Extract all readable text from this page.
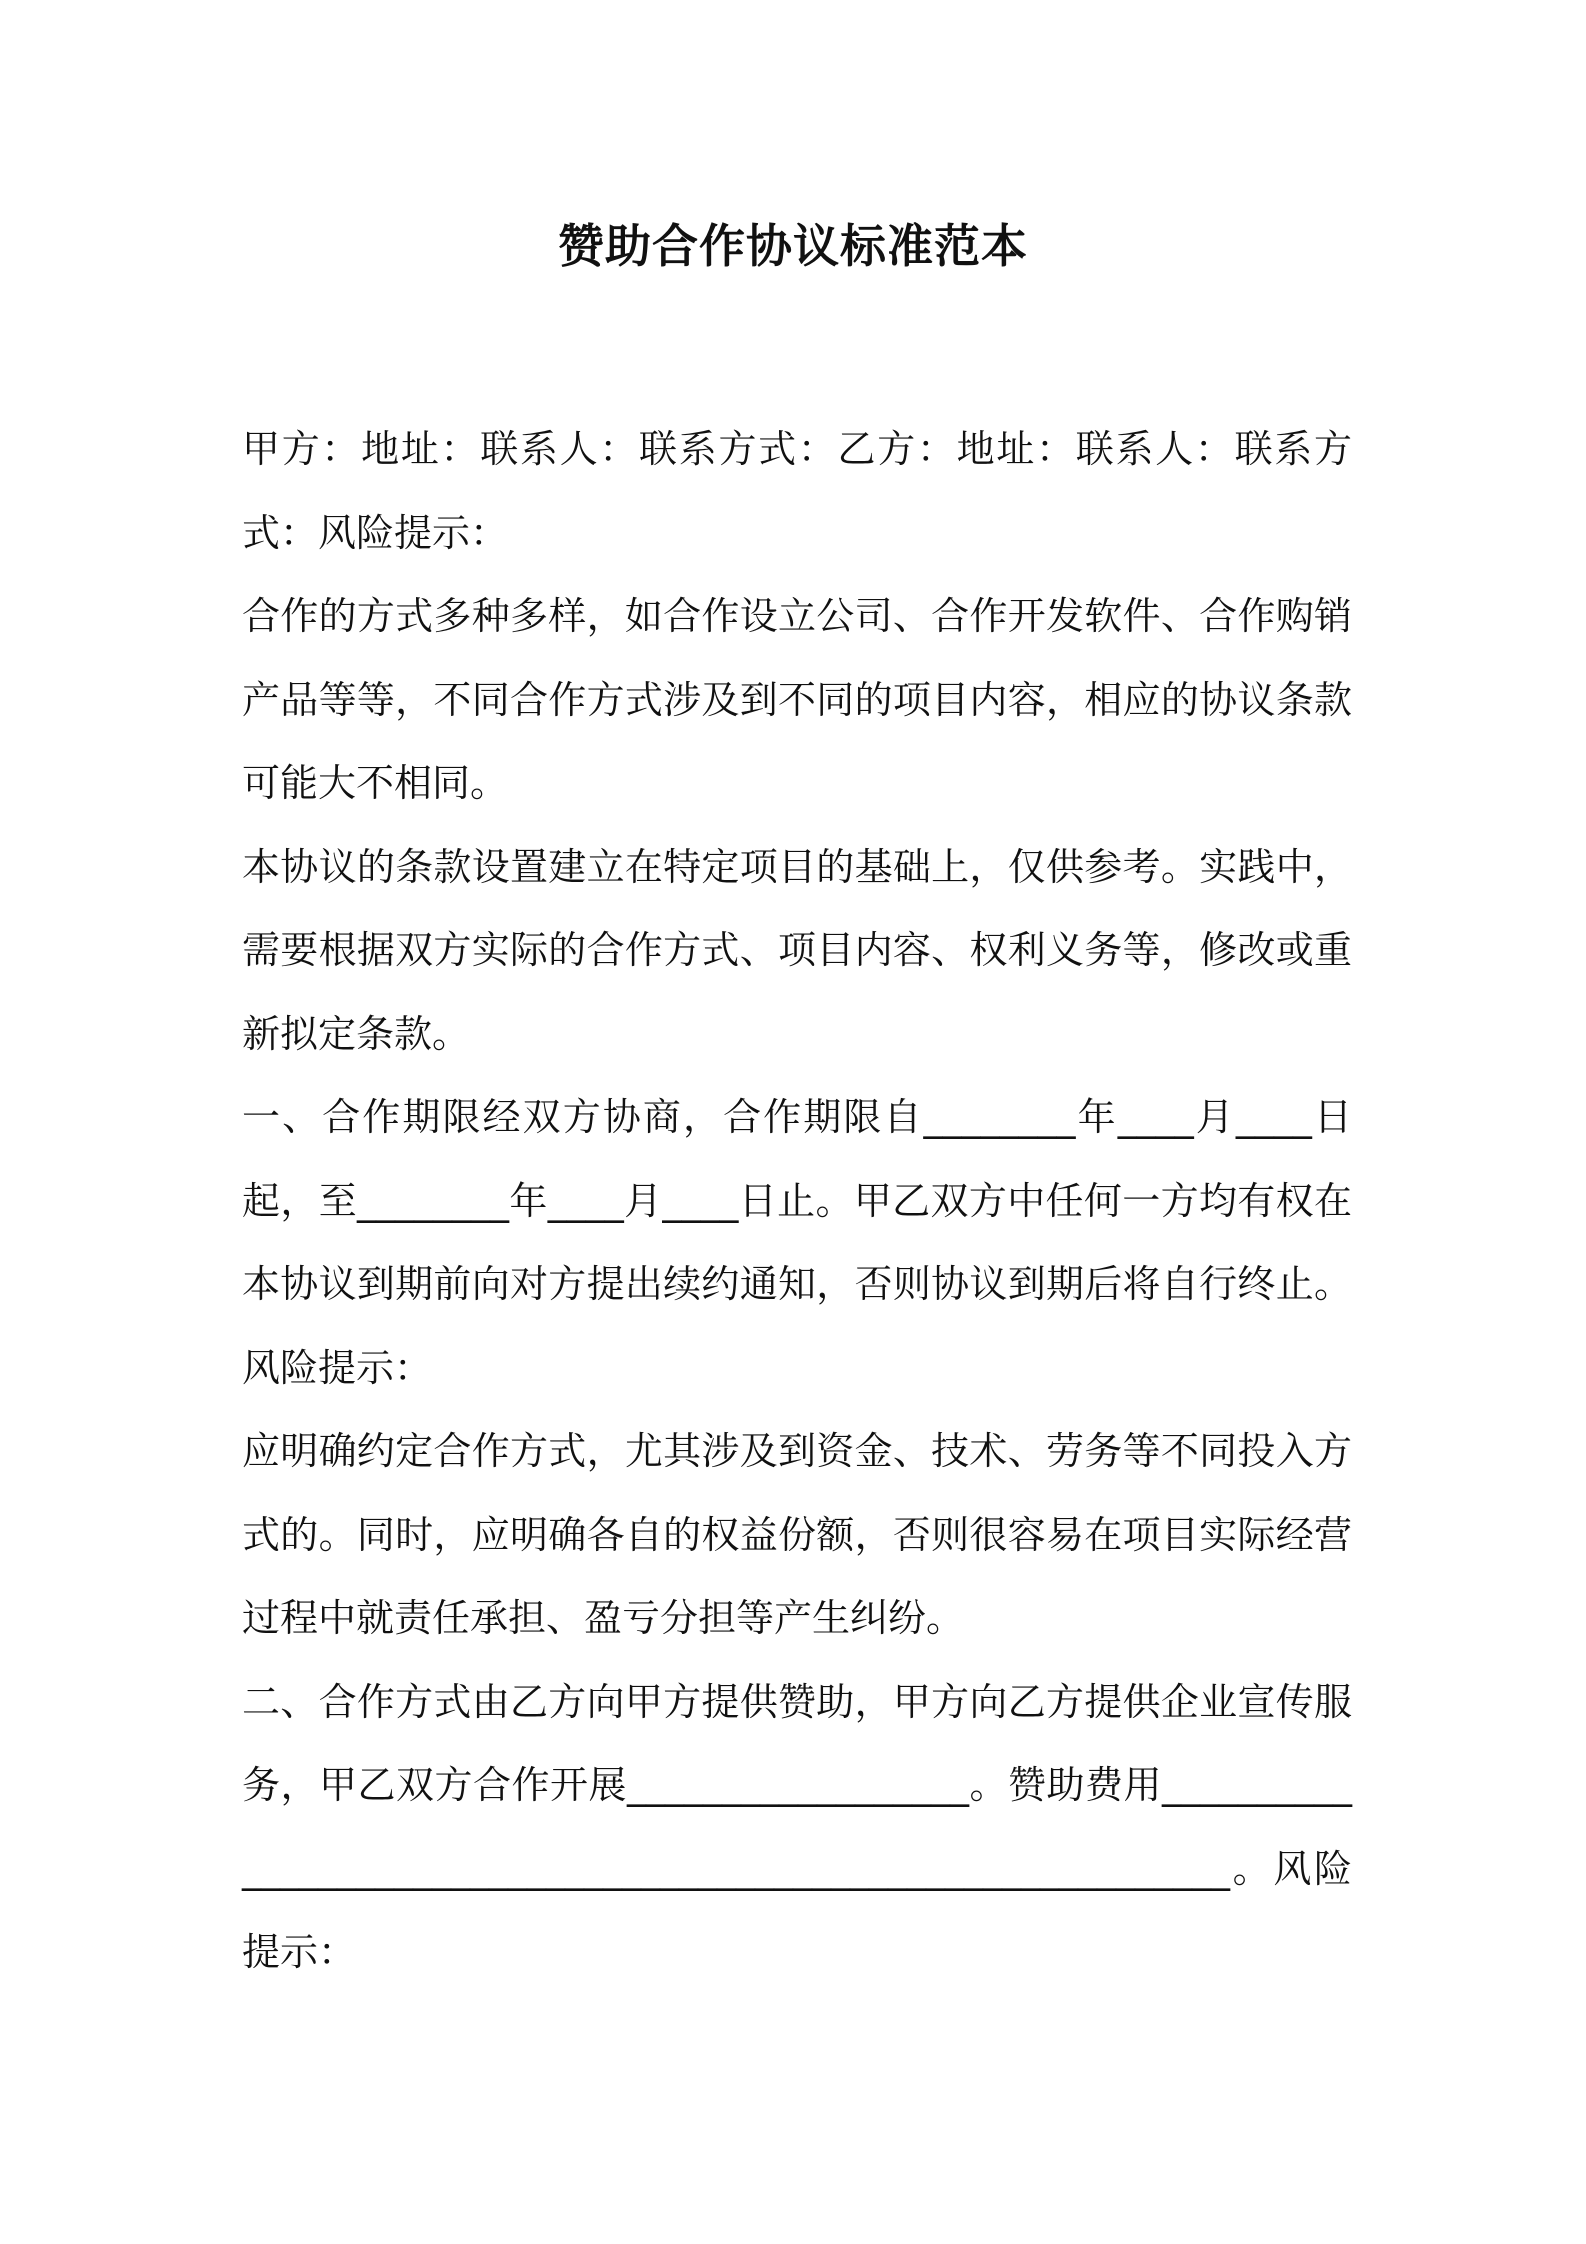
赞助合作协议标准范本

甲方：地址：联系人：联系方式：乙方：地址：联系人：联系方式：风险提示：

合作的方式多种多样，如合作设立公司、合作开发软件、合作购销产品等等，不同合作方式涉及到不同的项目内容，相应的协议条款可能大不相同。

本协议的条款设置建立在特定项目的基础上，仅供参考。实践中，需要根据双方实际的合作方式、项目内容、权利义务等，修改或重新拟定条款。

一、合作期限经双方协商，合作期限自________年____月____日起，至________年____月____日止。甲乙双方中任何一方均有权在本协议到期前向对方提出续约通知，否则协议到期后将自行终止。风险提示：

应明确约定合作方式，尤其涉及到资金、技术、劳务等不同投入方式的。同时，应明确各自的权益份额，否则很容易在项目实际经营过程中就责任承担、盈亏分担等产生纠纷。

二、合作方式由乙方向甲方提供赞助，甲方向乙方提供企业宣传服务，甲乙双方合作开展__________________。赞助费用______________________________________________________________。风险提示：
